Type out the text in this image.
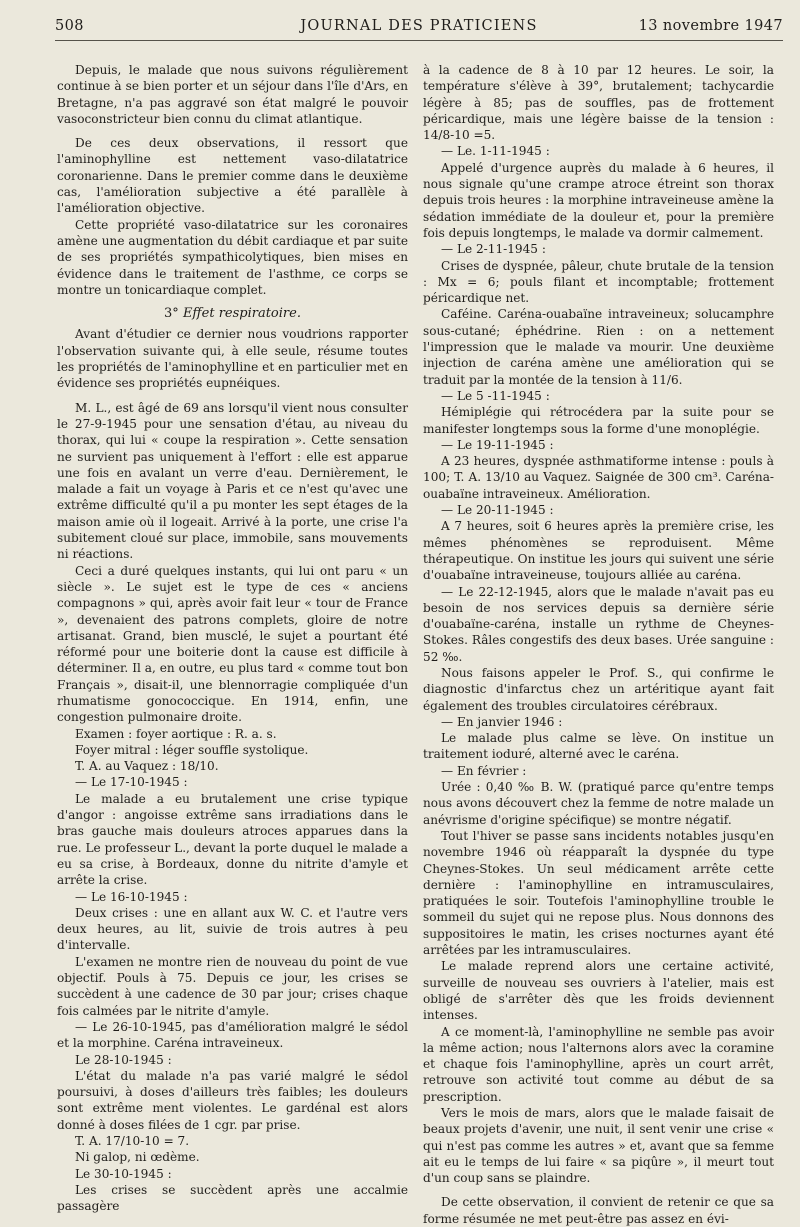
508	JOURNAL DES PRATICIENS	13 novembre 1947

Depuis, le malade que nous suivons régulièrement continue à se bien porter et un séjour dans l'île d'Ars, en Bretagne, n'a pas aggravé son état malgré le pouvoir vasoconstricteur bien connu du climat atlantique.

De ces deux observations, il ressort que l'aminophylline est nettement vaso-dilatatrice coronarienne. Dans le premier comme dans le deuxième cas, l'amélioration subjective a été parallèle à l'amélioration objective.

Cette propriété vaso-dilatatrice sur les coronaires amène une augmentation du débit cardiaque et par suite de ses propriétés sympathicolytiques, bien mises en évidence dans le traitement de l'asthme, ce corps se montre un tonicardiaque complet.

3° Effet respiratoire.

Avant d'étudier ce dernier nous voudrions rapporter l'observation suivante qui, à elle seule, résume toutes les propriétés de l'aminophylline et en particulier met en évidence ses propriétés eupnéiques.

M. L., est âgé de 69 ans lorsqu'il vient nous consulter le 27-9-1945 pour une sensation d'étau, au niveau du thorax, qui lui « coupe la respiration ». Cette sensation ne survient pas uniquement à l'effort : elle est apparue une fois en avalant un verre d'eau. Dernièrement, le malade a fait un voyage à Paris et ce n'est qu'avec une extrême difficulté qu'il a pu monter les sept étages de la maison amie où il logeait. Arrivé à la porte, une crise l'a subitement cloué sur place, immobile, sans mouvements ni réactions.

Ceci a duré quelques instants, qui lui ont paru « un siècle ». Le sujet est le type de ces « anciens compagnons » qui, après avoir fait leur « tour de France », devenaient des patrons complets, gloire de notre artisanat. Grand, bien musclé, le sujet a pourtant été réformé pour une boiterie dont la cause est difficile à déterminer. Il a, en outre, eu plus tard « comme tout bon Français », disait-il, une blennorragie compliquée d'un rhumatisme gonococcique. En 1914, enfin, une congestion pulmonaire droite.

Examen : foyer aortique : R. a. s.

Foyer mitral : léger souffle systolique.

T. A. au Vaquez : 18/10.

— Le 17-10-1945 :

Le malade a eu brutalement une crise typique d'angor : angoisse extrême sans irradiations dans le bras gauche mais douleurs atroces apparues dans la rue. Le professeur L., devant la porte duquel le malade a eu sa crise, à Bordeaux, donne du nitrite d'amyle et arrête la crise.

— Le 16-10-1945 :

Deux crises : une en allant aux W. C. et l'autre vers deux heures, au lit, suivie de trois autres à peu d'intervalle.

L'examen ne montre rien de nouveau du point de vue objectif. Pouls à 75. Depuis ce jour, les crises se succèdent à une cadence de 30 par jour; crises chaque fois calmées par le nitrite d'amyle.

— Le 26-10-1945, pas d'amélioration malgré le sédol et la morphine. Caréna intraveineux.

Le 28-10-1945 :

L'état du malade n'a pas varié malgré le sédol poursuivi, à doses d'ailleurs très faibles; les douleurs sont extrême ment violentes. Le gardénal est alors donné à doses filées de 1 cgr. par prise.

T. A. 17/10-10 = 7.

Ni galop, ni œdème.

Le 30-10-1945 :

Les crises se succèdent après une accalmie passagère

à la cadence de 8 à 10 par 12 heures. Le soir, la température s'élève à 39°, brutalement; tachycardie légère à 85; pas de souffles, pas de frottement péricardique, mais une légère baisse de la tension : 14/8-10 =5.

— Le. 1-11-1945 :

Appelé d'urgence auprès du malade à 6 heures, il nous signale qu'une crampe atroce étreint son thorax depuis trois heures : la morphine intraveineuse amène la sédation immédiate de la douleur et, pour la première fois depuis longtemps, le malade va dormir calmement.

— Le 2-11-1945 :

Crises de dyspnée, pâleur, chute brutale de la tension : Mx = 6; pouls filant et incomptable; frottement péricardique net.

Caféine. Caréna-ouabaïne intraveineux; solucamphre sous-cutané; éphédrine. Rien : on a nettement l'impression que le malade va mourir. Une deuxième injection de caréna amène une amélioration qui se traduit par la montée de la tension à 11/6.

— Le 5 -11-1945 :

Hémiplégie qui rétrocédera par la suite pour se manifester longtemps sous la forme d'une monoplégie.

— Le 19-11-1945 :

A 23 heures, dyspnée asthmatiforme intense : pouls à 100; T. A. 13/10 au Vaquez. Saignée de 300 cm³. Caréna-ouabaïne intraveineux. Amélioration.

— Le 20-11-1945 :

A 7 heures, soit 6 heures après la première crise, les mêmes phénomènes se reproduisent. Même thérapeutique. On institue les jours qui suivent une série d'ouabaïne intraveineuse, toujours alliée au caréna.

— Le 22-12-1945, alors que le malade n'avait pas eu besoin de nos services depuis sa dernière série d'ouabaïne-caréna, installe un rythme de Cheynes-Stokes. Râles congestifs des deux bases. Urée sanguine : 52 ‰.

Nous faisons appeler le Prof. S., qui confirme le diagnostic d'infarctus chez un artéritique ayant fait également des troubles circulatoires cérébraux.

— En janvier 1946 :

Le malade plus calme se lève. On institue un traitement ioduré, alterné avec le caréna.

— En février :

Urée : 0,40 ‰ B. W. (pratiqué parce qu'entre temps nous avons découvert chez la femme de notre malade un anévrisme d'origine spécifique) se montre négatif.

Tout l'hiver se passe sans incidents notables jusqu'en novembre 1946 où réapparaît la dyspnée du type Cheynes-Stokes. Un seul médicament arrête cette dernière : l'aminophylline en intramusculaires, pratiquées le soir. Toutefois l'aminophylline trouble le sommeil du sujet qui ne repose plus. Nous donnons des suppositoires le matin, les crises nocturnes ayant été arrêtées par les intramusculaires.

Le malade reprend alors une certaine activité, surveille de nouveau ses ouvriers à l'atelier, mais est obligé de s'arrêter dès que les froids deviennent intenses.

A ce moment-là, l'aminophylline ne semble pas avoir la même action; nous l'alternons alors avec la coramine et chaque fois l'aminophylline, après un court arrêt, retrouve son activité tout comme au début de sa prescription.

Vers le mois de mars, alors que le malade faisait de beaux projets d'avenir, une nuit, il sent venir une crise « qui n'est pas comme les autres » et, avant que sa femme ait eu le temps de lui faire « sa piqûre », il meurt tout d'un coup sans se plaindre.

De cette observation, il convient de retenir ce que sa forme résumée ne met peut-être pas assez en évi-
